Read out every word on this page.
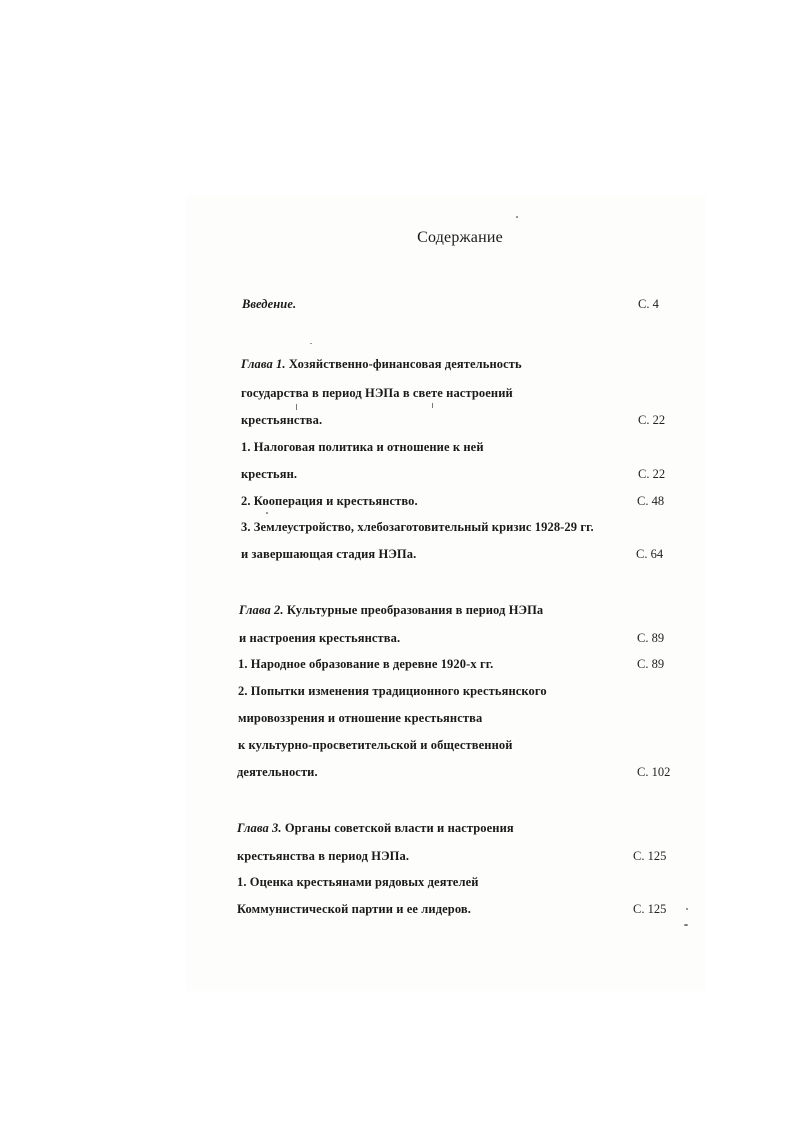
Содержание
Введение.	С. 4
Глава 1. Хозяйственно-финансовая деятельность
государства в период НЭПа в свете настроений
крестьянства.	С. 22
1. Налоговая политика и отношение к ней
крестьян.	С. 22
2. Кооперация и крестьянство.	С. 48
3. Землеустройство, хлебозаготовительный кризис 1928-29 гг.
и завершающая стадия НЭПа.	С. 64
Глава 2. Культурные преобразования в период НЭПа
и настроения крестьянства.	С. 89
1. Народное образование в деревне 1920-х гг.	С. 89
2. Попытки изменения традиционного крестьянского
мировоззрения и отношение крестьянства
к культурно-просветительской и общественной
деятельности.	С. 102
Глава 3. Органы советской власти и настроения
крестьянства в период НЭПа.	С. 125
1. Оценка крестьянами рядовых деятелей
Коммунистической партии и ее лидеров.	С. 125
